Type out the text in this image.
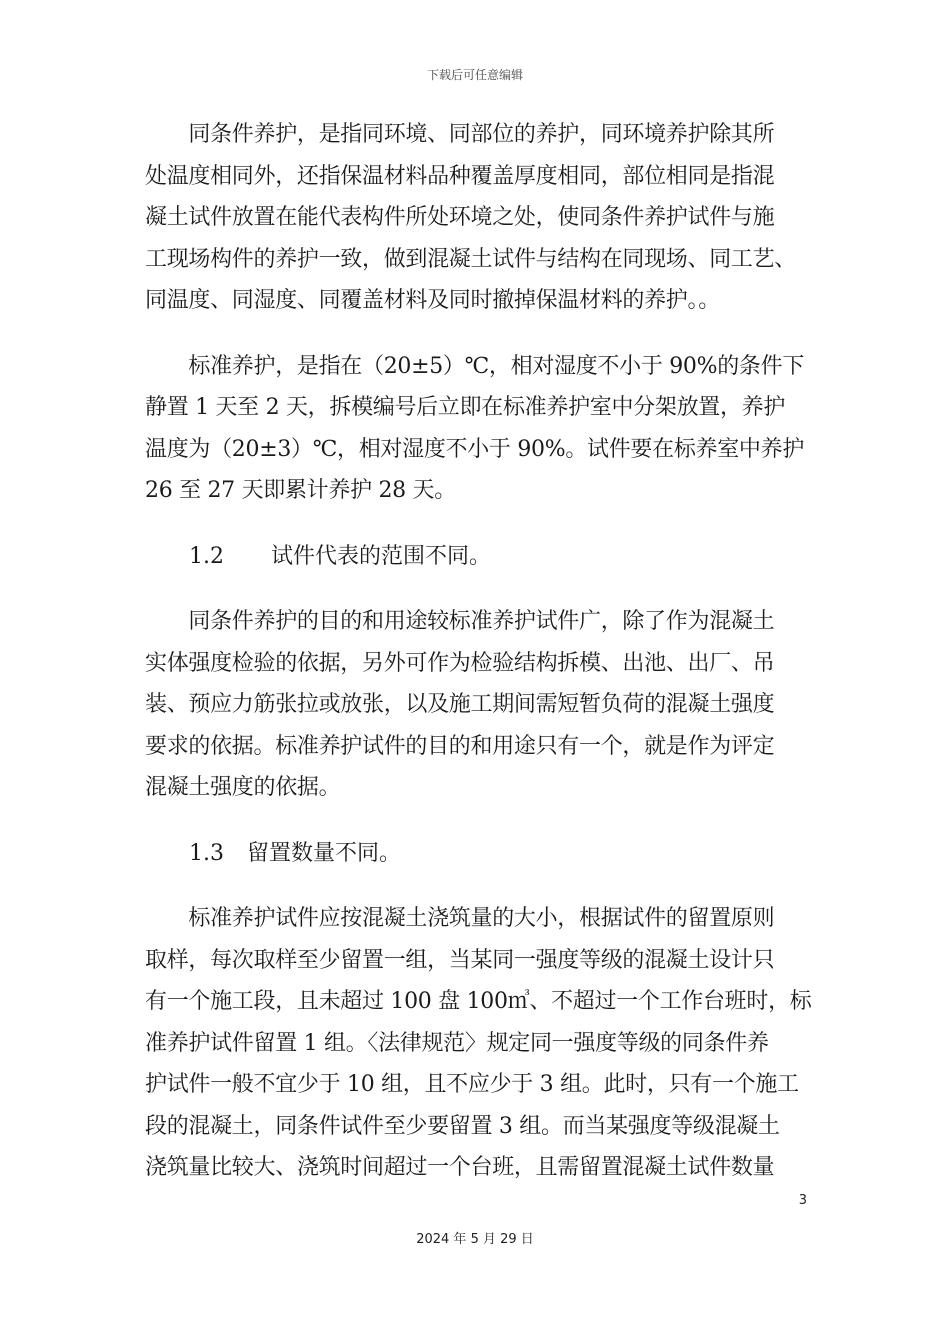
下载后可任意编辑
　　同条件养护，是指同环境、同部位的养护，同环境养护除其所
处温度相同外，还指保温材料品种覆盖厚度相同，部位相同是指混
凝土试件放置在能代表构件所处环境之处，使同条件养护试件与施
工现场构件的养护一致，做到混凝土试件与结构在同现场、同工艺、
同温度、同湿度、同覆盖材料及同时撤掉保温材料的养护。。
　　标准养护，是指在（20±5）℃，相对湿度不小于 90%的条件下
静置 1 天至 2 天，拆模编号后立即在标准养护室中分架放置，养护
温度为（20±3）℃，相对湿度不小于 90%。试件要在标养室中养护
26 至 27 天即累计养护 28 天。
1.2 试件代表的范围不同。
　　同条件养护的目的和用途较标准养护试件广，除了作为混凝土
实体强度检验的依据，另外可作为检验结构拆模、出池、出厂、吊
装、预应力筋张拉或放张，以及施工期间需短暂负荷的混凝土强度
要求的依据。标准养护试件的目的和用途只有一个，就是作为评定
混凝土强度的依据。
1.3 留置数量不同。
　　标准养护试件应按混凝土浇筑量的大小，根据试件的留置原则
取样，每次取样至少留置一组，当某同一强度等级的混凝土设计只
有一个施工段，且未超过 100 盘 100㎥、不超过一个工作台班时，标
准养护试件留置 1 组。〈法律规范〉规定同一强度等级的同条件养
护试件一般不宜少于 10 组，且不应少于 3 组。此时，只有一个施工
段的混凝土，同条件试件至少要留置 3 组。而当某强度等级混凝土
浇筑量比较大、浇筑时间超过一个台班，且需留置混凝土试件数量
3
2024 年 5 月 29 日
